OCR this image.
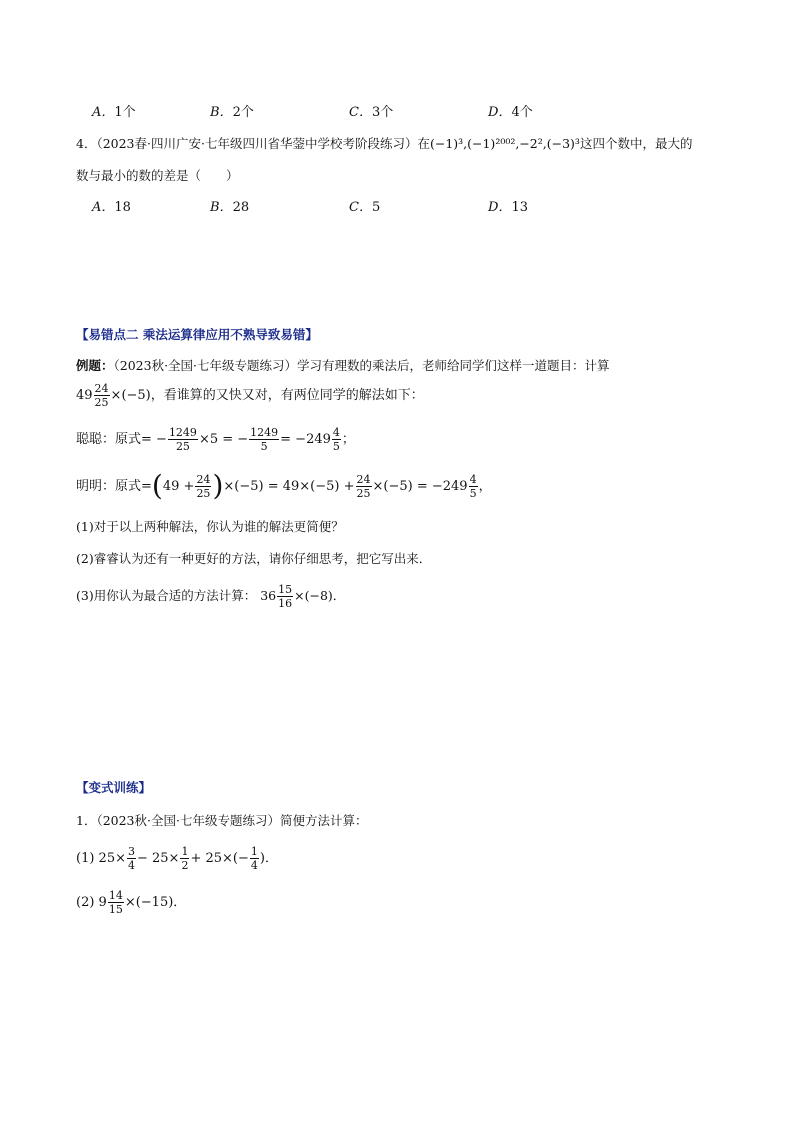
A．1个	B．2个	C．3个	D．4个
4．（2023春·四川广安·七年级四川省华蓥中学校考阶段练习）在(−1)³,(−1)²⁰⁰²,−2²,(−3)³这四个数中，最大的
数与最小的数的差是（　　）
A．18	B．28	C．5	D．13
【易错点二 乘法运算律应用不熟导致易错】
例题：（2023秋·全国·七年级专题练习）学习有理数的乘法后，老师给同学们这样一道题目：计算
$49 \frac{24}{25} \times(-5)$ ，看谁算的又快又对，有两位同学的解法如下：
聪聪：原式 = − $\frac{1249}{25} \times 5$ = − $\frac{1249}{5} = -249 \frac{4}{5}$ ；
明明：原式 = ( $49 + \frac{24}{25}$ ) $\times(-5) = 49\times(-5) + \frac{24}{25} \times(-5) = -249 \frac{4}{5}$ ，
(1)对于以上两种解法，你认为谁的解法更简便？
(2)睿睿认为还有一种更好的方法，请你仔细思考，把它写出来．
(3)用你认为最合适的方法计算： $36 \frac{15}{16} \times(-8)$．
【变式训练】
1．（2023秋·全国·七年级专题练习）简便方法计算：
(1) $25\times \frac{3}{4} - 25\times \frac{1}{2} + 25\times(- \frac{1}{4}$ )．
(2) $9 \frac{14}{15} \times(-15)$．
